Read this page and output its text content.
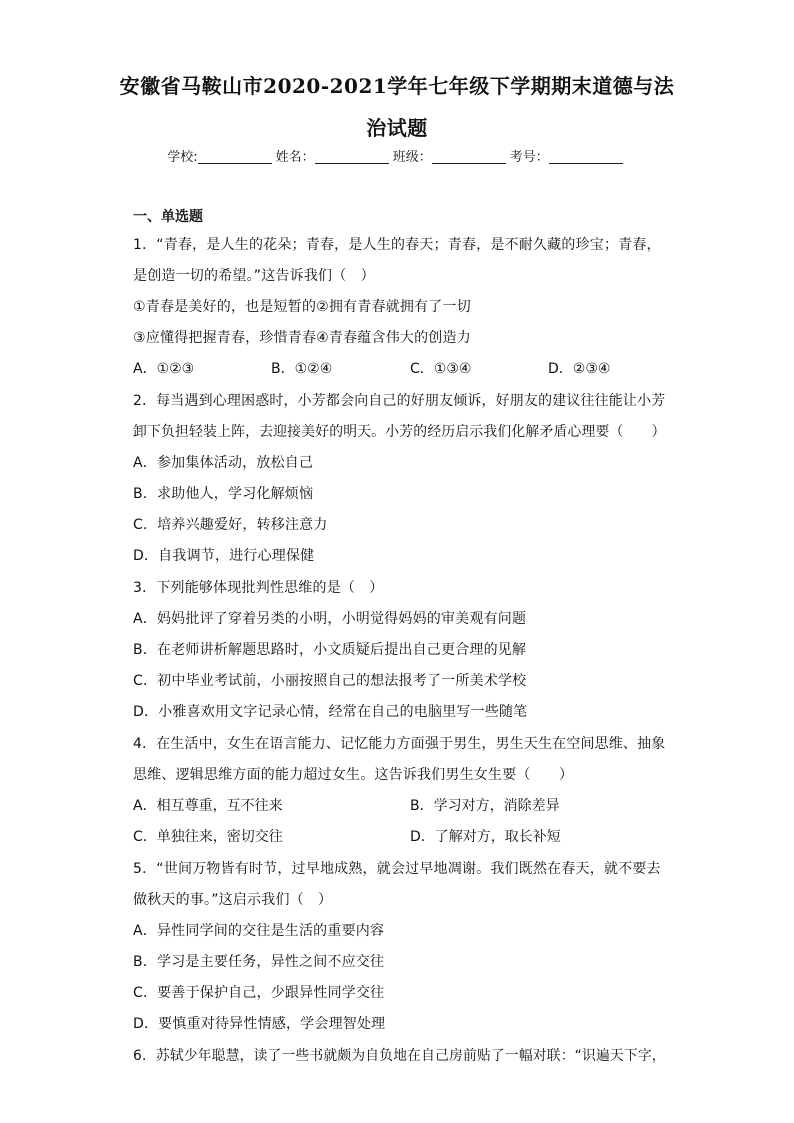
安徽省马鞍山市2020-2021学年七年级下学期期末道德与法
治试题
学校:	姓名：	班级：	考号：
一、单选题
1．“青春，是人生的花朵；青春，是人生的春天；青春，是不耐久藏的珍宝；青春，
是创造一切的希望。”这告诉我们（　）
①青春是美好的，也是短暂的②拥有青春就拥有了一切
③应懂得把握青春，珍惜青春④青春蕴含伟大的创造力
A．①②③	B．①②④	C．①③④	D．②③④
2．每当遇到心理困惑时，小芳都会向自己的好朋友倾诉，好朋友的建议往往能让小芳
卸下负担轻装上阵，去迎接美好的明天。小芳的经历启示我们化解矛盾心理要（　　）
A．参加集体活动，放松自己
B．求助他人，学习化解烦恼
C．培养兴趣爱好，转移注意力
D．自我调节，进行心理保健
3．下列能够体现批判性思维的是（　）
A．妈妈批评了穿着另类的小明，小明觉得妈妈的审美观有问题
B．在老师讲析解题思路时，小文质疑后提出自己更合理的见解
C．初中毕业考试前，小丽按照自己的想法报考了一所美术学校
D．小雅喜欢用文字记录心情，经常在自己的电脑里写一些随笔
4．在生活中，女生在语言能力、记忆能力方面强于男生，男生天生在空间思维、抽象
思维、逻辑思维方面的能力超过女生。这告诉我们男生女生要（　　）
A．相互尊重，互不往来	B．学习对方，消除差异
C．单独往来，密切交往	D．了解对方，取长补短
5．“世间万物皆有时节，过早地成熟，就会过早地凋谢。我们既然在春天，就不要去
做秋天的事。”这启示我们（　）
A．异性同学间的交往是生活的重要内容
B．学习是主要任务，异性之间不应交往
C．要善于保护自己，少跟异性同学交往
D．要慎重对待异性情感，学会理智处理
6．苏轼少年聪慧，读了一些书就颇为自负地在自己房前贴了一幅对联：“识遍天下字，
